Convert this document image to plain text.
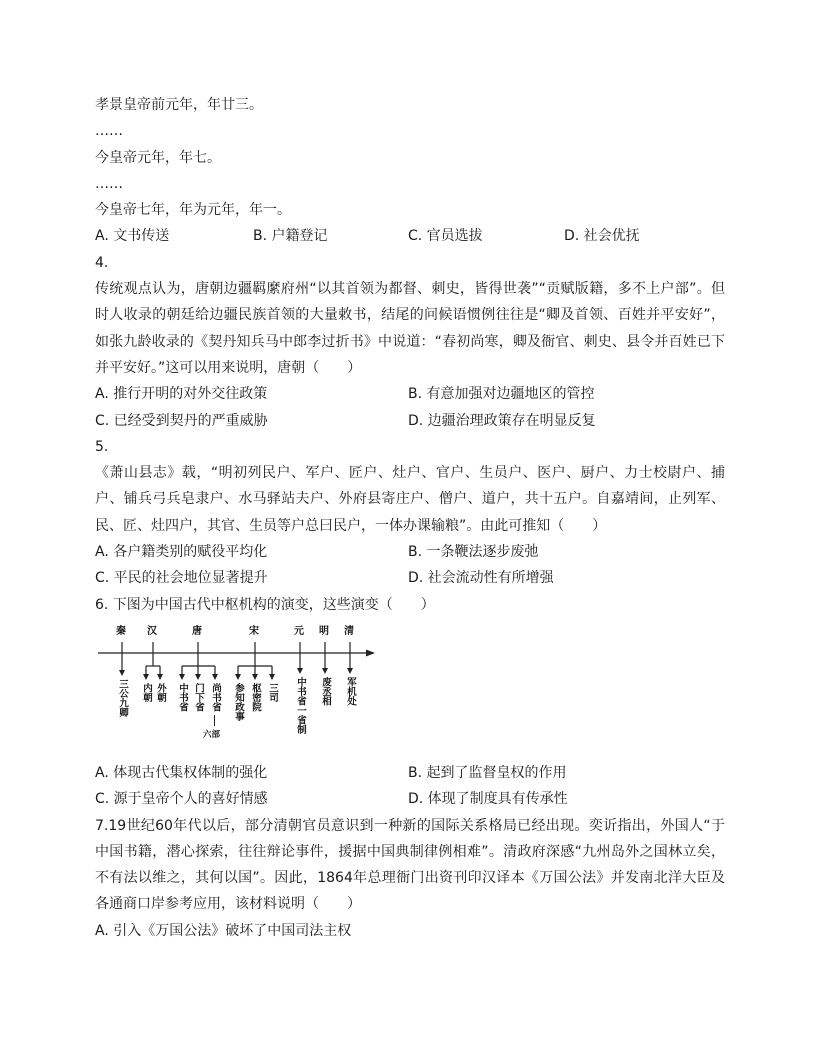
孝景皇帝前元年，年廿三。
……
今皇帝元年，年七。
……
今皇帝七年，年为元年，年一。
A. 文书传送	B. 户籍登记	C. 官员选拔	D. 社会优抚
4.
传统观点认为，唐朝边疆羁縻府州“以其首领为都督、刺史，皆得世袭”“贡赋版籍，多不上户部”。但时人收录的朝廷给边疆民族首领的大量敕书，结尾的问候语惯例往往是“卿及首领、百姓并平安好”，如张九龄收录的《契丹知兵马中郎李过折书》中说道：“春初尚寒，卿及衙官、刺史、县令并百姓已下并平安好。”这可以用来说明，唐朝（　　）
A. 推行开明的对外交往政策	B. 有意加强对边疆地区的管控
C. 已经受到契丹的严重威胁	D. 边疆治理政策存在明显反复
5.
《萧山县志》载，“明初列民户、军户、匠户、灶户、官户、生员户、医户、厨户、力士校尉户、捕户、铺兵弓兵皂隶户、水马驿站夫户、外府县寄庄户、僧户、道户，共十五户。自嘉靖间，止列军、民、匠、灶四户，其官、生员等户总曰民户，一体办课输粮”。由此可推知（　　）
A. 各户籍类别的赋役平均化	B. 一条鞭法逐步废弛
C. 平民的社会地位显著提升	D. 社会流动性有所增强
6. 下图为中国古代中枢机构的演变，这些演变（　　）
秦 汉	唐	宋	元 明 清
三公九卿 内朝 外朝 中书省 门下省 尚书省
六部
参知政事 枢密院 三司 中书省一省制 废丞相 军机处
A. 体现古代集权体制的强化	B. 起到了监督皇权的作用
C. 源于皇帝个人的喜好情感	D. 体现了制度具有传承性
7.19世纪60年代以后，部分清朝官员意识到一种新的国际关系格局已经出现。奕䜣指出，外国人“于中国书籍，潜心探索，往往辩论事件，援据中国典制律例相难”。清政府深感“九州岛外之国林立矣，不有法以维之，其何以国”。因此，1864年总理衙门出资刊印汉译本《万国公法》并发南北洋大臣及各通商口岸参考应用，该材料说明（　　）
A. 引入《万国公法》破坏了中国司法主权
